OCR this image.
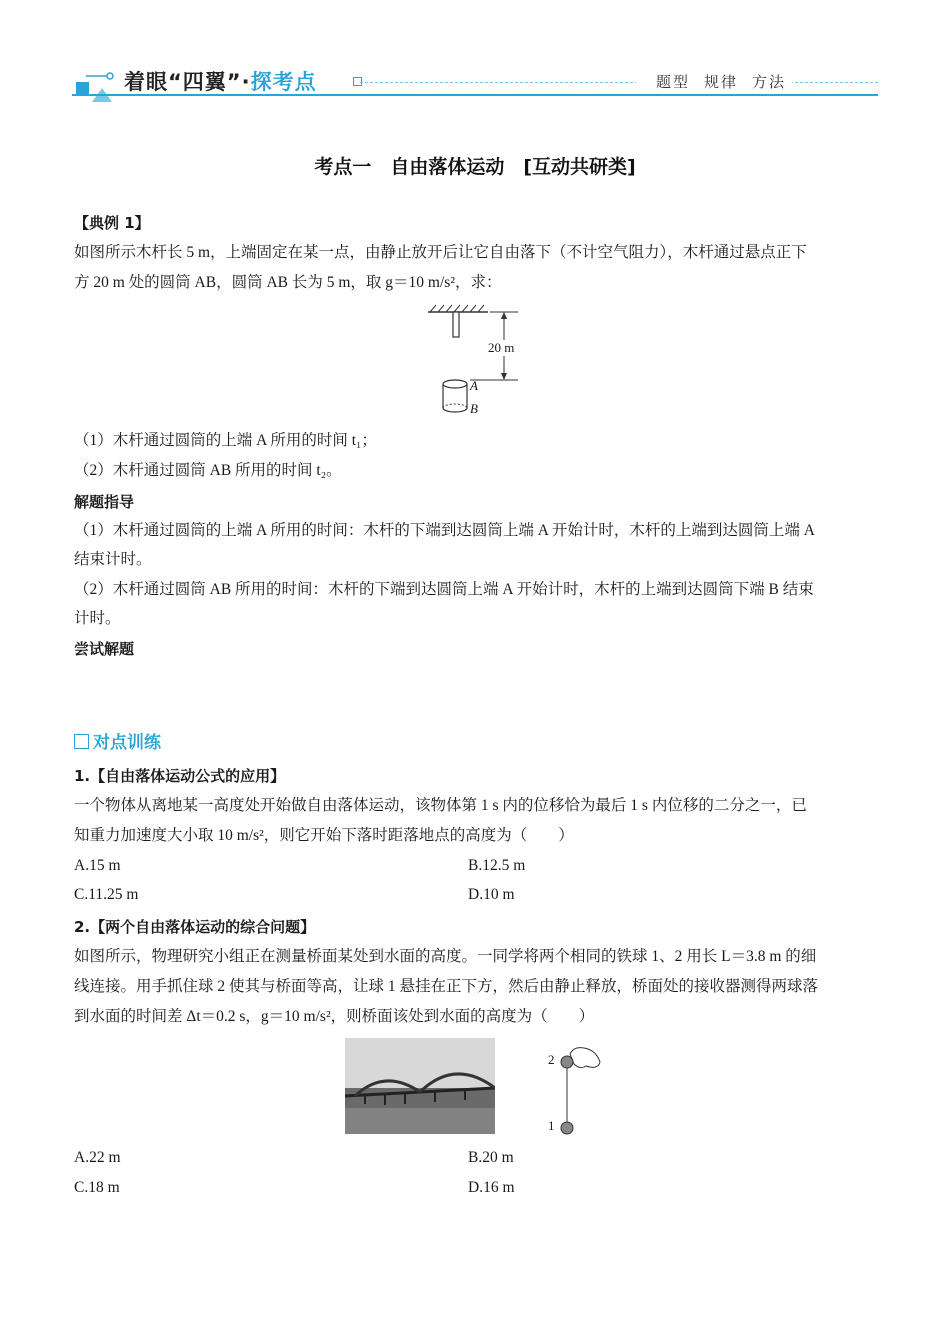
着眼“四翼”·探考点	题型 规律 方法
考点一　自由落体运动　[互动共研类]
【典例 1】
如图所示木杆长 5 m，上端固定在某一点，由静止放开后让它自由落下（不计空气阻力），木杆通过悬点正下
方 20 m 处的圆筒 AB，圆筒 AB 长为 5 m，取 g＝10 m/s²，求：
20 m
A
B
（1）木杆通过圆筒的上端 A 所用的时间 t₁；
（2）木杆通过圆筒 AB 所用的时间 t₂。
解题指导
（1）木杆通过圆筒的上端 A 所用的时间：木杆的下端到达圆筒上端 A 开始计时，木杆的上端到达圆筒上端 A
结束计时。
（2）木杆通过圆筒 AB 所用的时间：木杆的下端到达圆筒上端 A 开始计时，木杆的上端到达圆筒下端 B 结束
计时。
尝试解题
对点训练
1.【自由落体运动公式的应用】
一个物体从离地某一高度处开始做自由落体运动，该物体第 1 s 内的位移恰为最后 1 s 内位移的二分之一，已
知重力加速度大小取 10 m/s²，则它开始下落时距落地点的高度为（　　）
A.15 m	B.12.5 m
C.11.25 m	D.10 m
2.【两个自由落体运动的综合问题】
如图所示，物理研究小组正在测量桥面某处到水面的高度。一同学将两个相同的铁球 1、2 用长 L＝3.8 m 的细
线连接。用手抓住球 2 使其与桥面等高，让球 1 悬挂在正下方，然后由静止释放，桥面处的接收器测得两球落
到水面的时间差 Δt＝0.2 s，g＝10 m/s²，则桥面该处到水面的高度为（　　）
2
1
A.22 m	B.20 m
C.18 m	D.16 m
